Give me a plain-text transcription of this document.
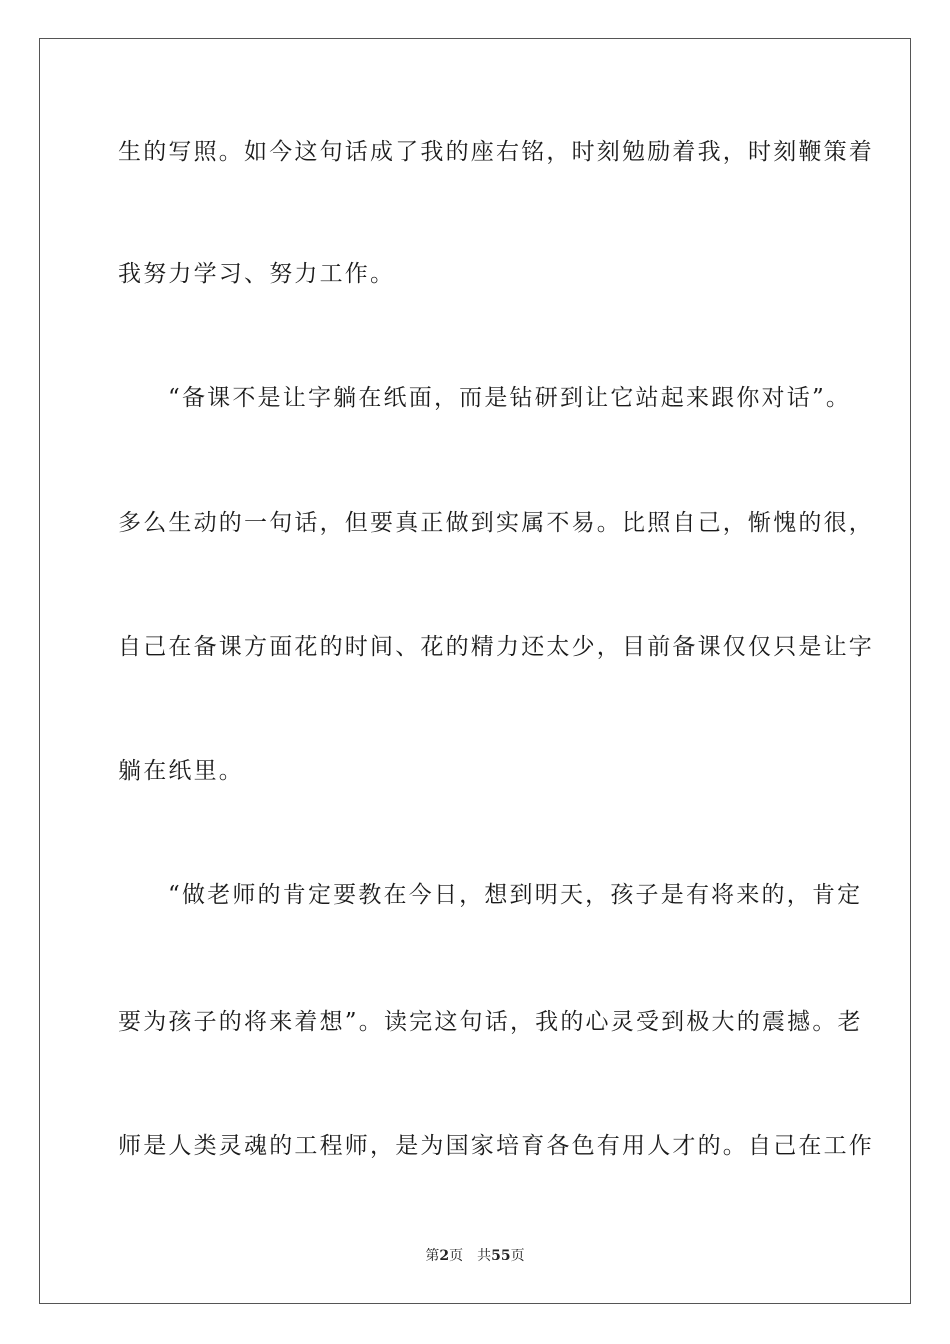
生的写照。如今这句话成了我的座右铭，时刻勉励着我，时刻鞭策着
我努力学习、努力工作。
“备课不是让字躺在纸面，而是钻研到让它站起来跟你对话”。
多么生动的一句话，但要真正做到实属不易。比照自己，惭愧的很，
自己在备课方面花的时间、花的精力还太少，目前备课仅仅只是让字
躺在纸里。
“做老师的肯定要教在今日，想到明天，孩子是有将来的，肯定
要为孩子的将来着想”。读完这句话，我的心灵受到极大的震撼。老
师是人类灵魂的工程师，是为国家培育各色有用人才的。自己在工作
第2页 共55页
